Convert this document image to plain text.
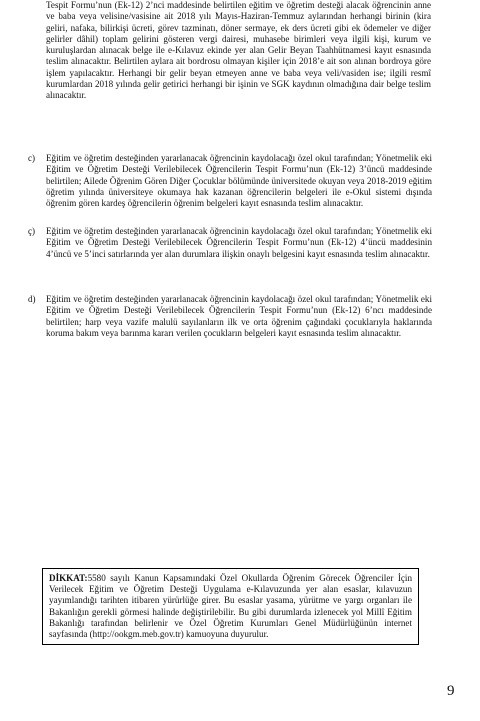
Tespit Formu’nun (Ek-12) 2’nci maddesinde belirtilen eğitim ve öğretim desteği alacak öğrencinin anne ve baba veya velisine/vasisine ait 2018 yılı Mayıs-Haziran-Temmuz aylarından herhangi birinin (kira geliri, nafaka, bilirkişi ücreti, görev tazminatı, döner sermaye, ek ders ücreti gibi ek ödemeler ve diğer gelirler dâhil) toplam gelirini gösteren vergi dairesi, muhasebe birimleri veya ilgili kişi, kurum ve kuruluşlardan alınacak belge ile e-Kılavuz ekinde yer alan Gelir Beyan Taahhütnamesi kayıt esnasında teslim alınacaktır. Belirtilen aylara ait bordrosu olmayan kişiler için 2018’e ait son alınan bordroya göre işlem yapılacaktır. Herhangi bir gelir beyan etmeyen anne ve baba veya veli/vasiden ise; ilgili resmî kurumlardan 2018 yılında gelir getirici herhangi bir işinin ve SGK kaydının olmadığına dair belge teslim alınacaktır.

c)	Eğitim ve öğretim desteğinden yararlanacak öğrencinin kaydolacağı özel okul tarafından; Yönetmelik eki Eğitim ve Öğretim Desteği Verilebilecek Öğrencilerin Tespit Formu’nun (Ek-12) 3’üncü maddesinde belirtilen; Ailede Öğrenim Gören Diğer Çocuklar bölümünde üniversitede okuyan veya 2018-2019 eğitim öğretim yılında üniversiteye okumaya hak kazanan öğrencilerin belgeleri ile e-Okul sistemi dışında öğrenim gören kardeş öğrencilerin öğrenim belgeleri kayıt esnasında teslim alınacaktır.

ç)	Eğitim ve öğretim desteğinden yararlanacak öğrencinin kaydolacağı özel okul tarafından; Yönetmelik eki Eğitim ve Öğretim Desteği Verilebilecek Öğrencilerin Tespit Formu’nun (Ek-12) 4’üncü maddesinin 4’üncü ve 5’inci satırlarında yer alan durumlara ilişkin onaylı belgesini kayıt esnasında teslim alınacaktır.

d)	Eğitim ve öğretim desteğinden yararlanacak öğrencinin kaydolacağı özel okul tarafından; Yönetmelik eki Eğitim ve Öğretim Desteği Verilebilecek Öğrencilerin Tespit Formu’nun (Ek-12) 6’ncı maddesinde belirtilen; harp veya vazife malulü sayılanların ilk ve orta öğrenim çağındaki çocuklarıyla haklarında koruma bakım veya barınma kararı verilen çocukların belgeleri kayıt esnasında teslim alınacaktır.

DİKKAT:5580 sayılı Kanun Kapsamındaki Özel Okullarda Öğrenim Görecek Öğrenciler İçin Verilecek Eğitim ve Öğretim Desteği Uygulama e-Kılavuzunda yer alan esaslar, kılavuzun yayımlandığı tarihten itibaren yürürlüğe girer. Bu esaslar yasama, yürütme ve yargı organları ile Bakanlığın gerekli görmesi halinde değiştirilebilir. Bu gibi durumlarda izlenecek yol Millî Eğitim Bakanlığı tarafından belirlenir ve Özel Öğretim Kurumları Genel Müdürlüğünün internet sayfasında (http://ookgm.meb.gov.tr) kamuoyuna duyurulur.
9
